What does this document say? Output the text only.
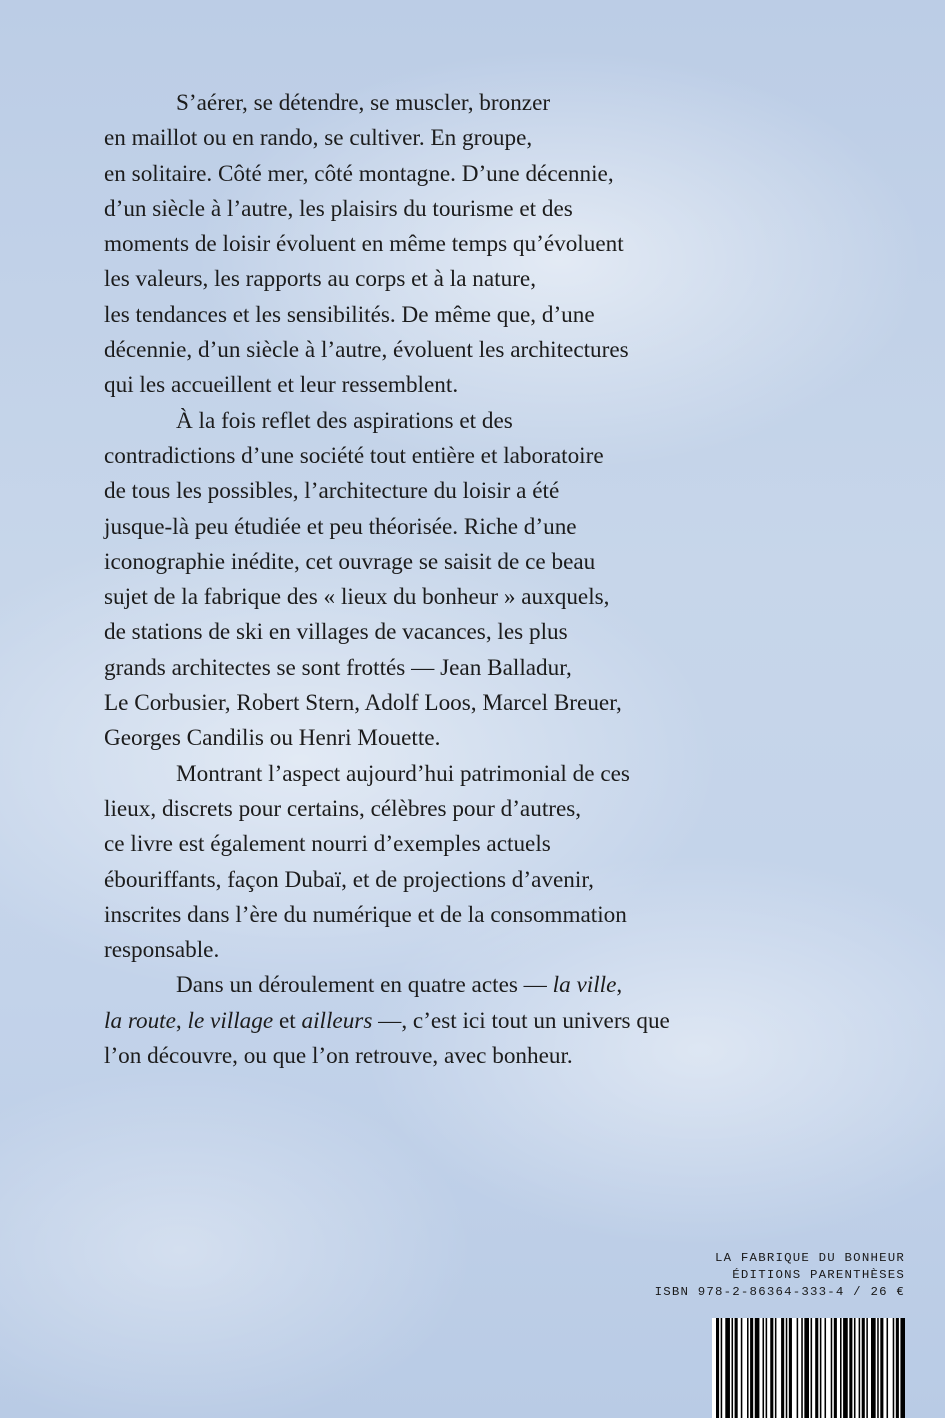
S’aérer, se détendre, se muscler, bronzer
en maillot ou en rando, se cultiver. En groupe,
en solitaire. Côté mer, côté montagne. D’une décennie,
d’un siècle à l’autre, les plaisirs du tourisme et des
moments de loisir évoluent en même temps qu’évoluent
les valeurs, les rapports au corps et à la nature,
les tendances et les sensibilités. De même que, d’une
décennie, d’un siècle à l’autre, évoluent les architectures
qui les accueillent et leur ressemblent.

À la fois reflet des aspirations et des
contradictions d’une société tout entière et laboratoire
de tous les possibles, l’architecture du loisir a été
jusque-là peu étudiée et peu théorisée. Riche d’une
iconographie inédite, cet ouvrage se saisit de ce beau
sujet de la fabrique des « lieux du bonheur » auxquels,
de stations de ski en villages de vacances, les plus
grands architectes se sont frottés — Jean Balladur,
Le Corbusier, Robert Stern, Adolf Loos, Marcel Breuer,
Georges Candilis ou Henri Mouette.

Montrant l’aspect aujourd’hui patrimonial de ces
lieux, discrets pour certains, célèbres pour d’autres,
ce livre est également nourri d’exemples actuels
ébouriffants, façon Dubaï, et de projections d’avenir,
inscrites dans l’ère du numérique et de la consommation
responsable.

Dans un déroulement en quatre actes — la ville,
la route, le village et ailleurs —, c’est ici tout un univers que
l’on découvre, ou que l’on retrouve, avec bonheur.

LA FABRIQUE DU BONHEUR
ÉDITIONS PARENTHÈSES
ISBN 978-2-86364-333-4 / 26 €
